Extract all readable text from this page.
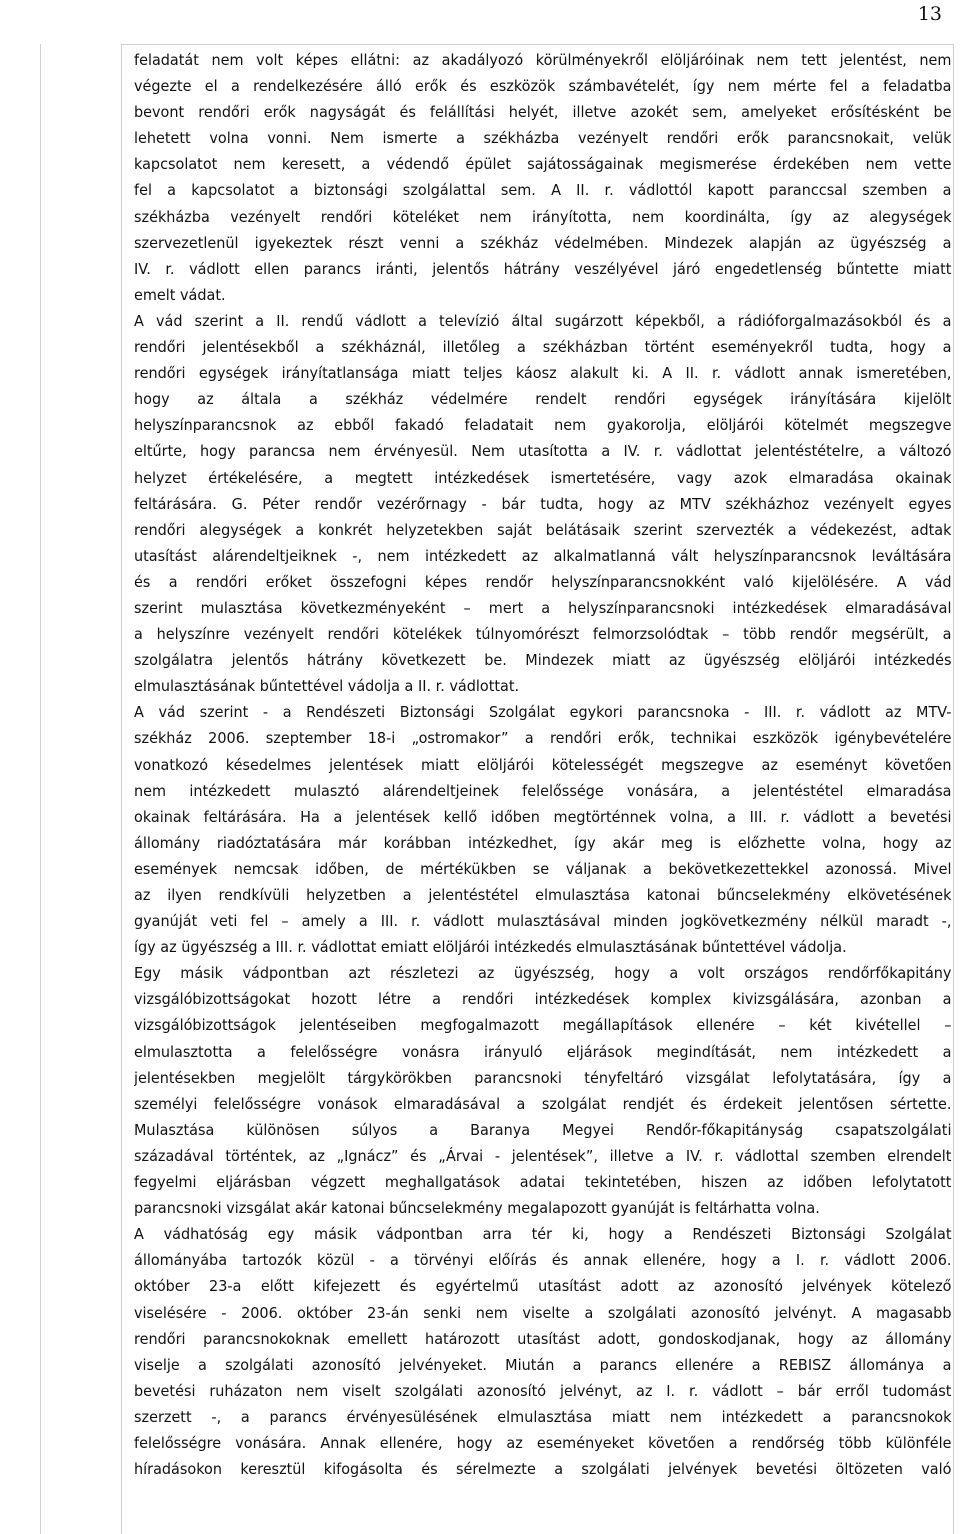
13
feladatát nem volt képes ellátni: az akadályozó körülményekről elöljáróinak nem tett jelentést, nem
végezte el a rendelkezésére álló erők és eszközök számbavételét, így nem mérte fel a feladatba
bevont rendőri erők nagyságát és felállítási helyét, illetve azokét sem, amelyeket erősítésként be
lehetett volna vonni. Nem ismerte a székházba vezényelt rendőri erők parancsnokait, velük
kapcsolatot nem keresett, a védendő épület sajátosságainak megismerése érdekében nem vette
fel a kapcsolatot a biztonsági szolgálattal sem. A II. r. vádlottól kapott paranccsal szemben a
székházba vezényelt rendőri köteléket nem irányította, nem koordinálta, így az alegységek
szervezetlenül igyekeztek részt venni a székház védelmében. Mindezek alapján az ügyészség a
IV. r. vádlott ellen parancs iránti, jelentős hátrány veszélyével járó engedetlenség bűntette miatt
emelt vádat.
A vád szerint a II. rendű vádlott a televízió által sugárzott képekből, a rádióforgalmazásokból és a
rendőri jelentésekből a székháznál, illetőleg a székházban történt eseményekről tudta, hogy a
rendőri egységek irányítatlansága miatt teljes káosz alakult ki. A II. r. vádlott annak ismeretében,
hogy az általa a székház védelmére rendelt rendőri egységek irányítására kijelölt
helyszínparancsnok az ebből fakadó feladatait nem gyakorolja, elöljárói kötelmét megszegve
eltűrte, hogy parancsa nem érvényesül. Nem utasította a IV. r. vádlottat jelentéstételre, a változó
helyzet értékelésére, a megtett intézkedések ismertetésére, vagy azok elmaradása okainak
feltárására. G. Péter rendőr vezérőrnagy - bár tudta, hogy az MTV székházhoz vezényelt egyes
rendőri alegységek a konkrét helyzetekben saját belátásaik szerint szervezték a védekezést, adtak
utasítást alárendeltjeiknek -, nem intézkedett az alkalmatlanná vált helyszínparancsnok leváltására
és a rendőri erőket összefogni képes rendőr helyszínparancsnokként való kijelölésére. A vád
szerint mulasztása következményeként – mert a helyszínparancsnoki intézkedések elmaradásával
a helyszínre vezényelt rendőri kötelékek túlnyomórészt felmorzsolódtak – több rendőr megsérült, a
szolgálatra jelentős hátrány következett be. Mindezek miatt az ügyészség elöljárói intézkedés
elmulasztásának bűntettével vádolja a II. r. vádlottat.
A vád szerint - a Rendészeti Biztonsági Szolgálat egykori parancsnoka - III. r. vádlott az MTV-
székház 2006. szeptember 18-i „ostromakor” a rendőri erők, technikai eszközök igénybevételére
vonatkozó késedelmes jelentések miatt elöljárói kötelességét megszegve az eseményt követően
nem intézkedett mulasztó alárendeltjeinek felelőssége vonására, a jelentéstétel elmaradása
okainak feltárására. Ha a jelentések kellő időben megtörténnek volna, a III. r. vádlott a bevetési
állomány riadóztatására már korábban intézkedhet, így akár meg is előzhette volna, hogy az
események nemcsak időben, de mértékükben se váljanak a bekövetkezettekkel azonossá. Mivel
az ilyen rendkívüli helyzetben a jelentéstétel elmulasztása katonai bűncselekmény elkövetésének
gyanúját veti fel – amely a III. r. vádlott mulasztásával minden jogkövetkezmény nélkül maradt -,
így az ügyészség a III. r. vádlottat emiatt elöljárói intézkedés elmulasztásának bűntettével vádolja.
Egy másik vádpontban azt részletezi az ügyészség, hogy a volt országos rendőrfőkapitány
vizsgálóbizottságokat hozott létre a rendőri intézkedések komplex kivizsgálására, azonban a
vizsgálóbizottságok jelentéseiben megfogalmazott megállapítások ellenére – két kivétellel –
elmulasztotta a felelősségre vonásra irányuló eljárások megindítását, nem intézkedett a
jelentésekben megjelölt tárgykörökben parancsnoki tényfeltáró vizsgálat lefolytatására, így a
személyi felelősségre vonások elmaradásával a szolgálat rendjét és érdekeit jelentősen sértette.
Mulasztása különösen súlyos a Baranya Megyei Rendőr-főkapitányság csapatszolgálati
századával történtek, az „Ignácz” és „Árvai - jelentések”, illetve a IV. r. vádlottal szemben elrendelt
fegyelmi eljárásban végzett meghallgatások adatai tekintetében, hiszen az időben lefolytatott
parancsnoki vizsgálat akár katonai bűncselekmény megalapozott gyanúját is feltárhatta volna.
A vádhatóság egy másik vádpontban arra tér ki, hogy a Rendészeti Biztonsági Szolgálat
állományába tartozók közül - a törvényi előírás és annak ellenére, hogy a I. r. vádlott 2006.
október 23-a előtt kifejezett és egyértelmű utasítást adott az azonosító jelvények kötelező
viselésére - 2006. október 23-án senki nem viselte a szolgálati azonosító jelvényt. A magasabb
rendőri parancsnokoknak emellett határozott utasítást adott, gondoskodjanak, hogy az állomány
viselje a szolgálati azonosító jelvényeket. Miután a parancs ellenére a REBISZ állománya a
bevetési ruházaton nem viselt szolgálati azonosító jelvényt, az I. r. vádlott – bár erről tudomást
szerzett -, a parancs érvényesülésének elmulasztása miatt nem intézkedett a parancsnokok
felelősségre vonására. Annak ellenére, hogy az eseményeket követően a rendőrség több különféle
híradásokon keresztül kifogásolta és sérelmezte a szolgálati jelvények bevetési öltözeten való
